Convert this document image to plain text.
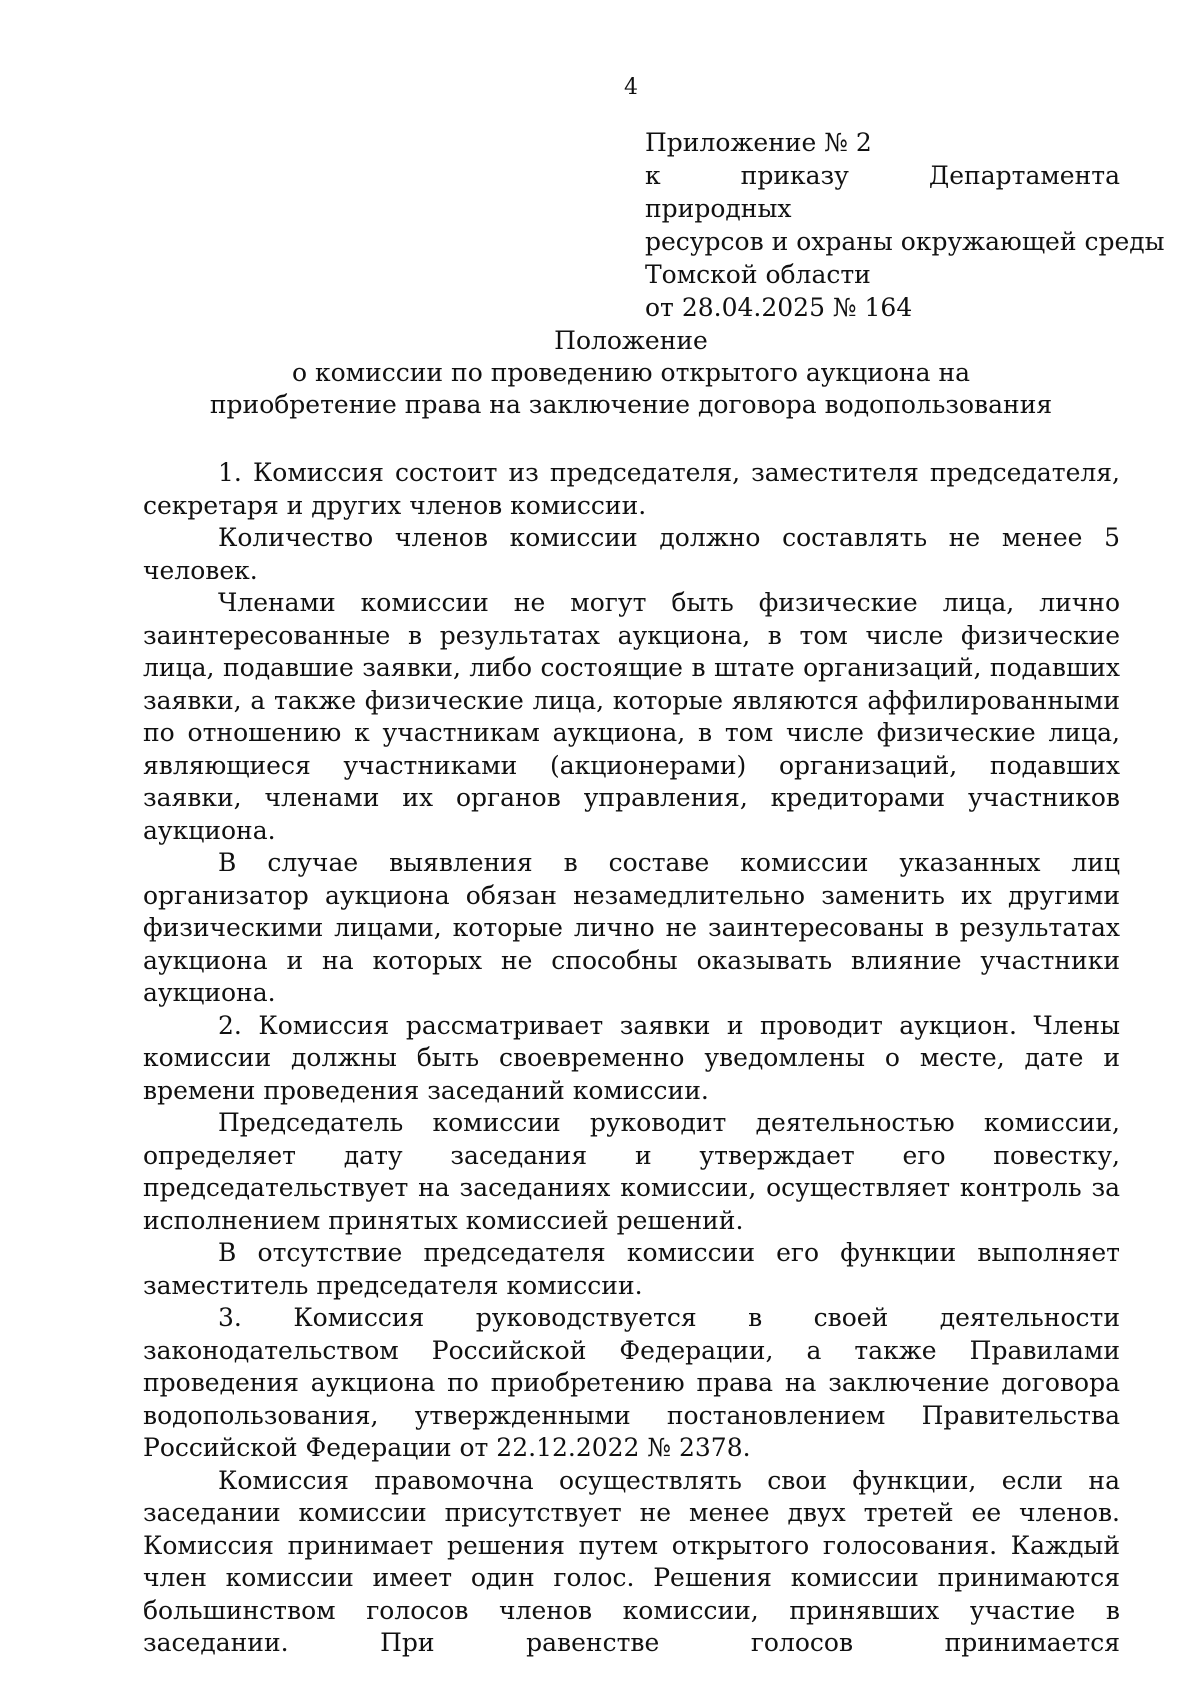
4
Приложение № 2
к приказу Департамента природных
ресурсов и охраны окружающей среды
Томской области
от 28.04.2025 № 164
Положение
о комиссии по проведению открытого аукциона на
приобретение права на заключение договора водопользования

1. Комиссия состоит из председателя, заместителя председателя, секретаря и других членов комиссии.

Количество членов комиссии должно составлять не менее 5 человек.

Членами комиссии не могут быть физические лица, лично заинтересованные в результатах аукциона, в том числе физические лица, подавшие заявки, либо состоящие в штате организаций, подавших заявки, а также физические лица, которые являются аффилированными по отношению к участникам аукциона, в том числе физические лица, являющиеся участниками (акционерами) организаций, подавших заявки, членами их органов управления, кредиторами участников аукциона.

В случае выявления в составе комиссии указанных лиц организатор аукциона обязан незамедлительно заменить их другими физическими лицами, которые лично не заинтересованы в результатах аукциона и на которых не способны оказывать влияние участники аукциона.

2. Комиссия рассматривает заявки и проводит аукцион. Члены комиссии должны быть своевременно уведомлены о месте, дате и времени проведения заседаний комиссии.

Председатель комиссии руководит деятельностью комиссии, определяет дату заседания и утверждает его повестку, председательствует на заседаниях комиссии, осуществляет контроль за исполнением принятых комиссией решений.

В отсутствие председателя комиссии его функции выполняет заместитель председателя комиссии.

3. Комиссия руководствуется в своей деятельности законодательством Российской Федерации, а также Правилами проведения аукциона по приобретению права на заключение договора водопользования, утвержденными постановлением Правительства Российской Федерации от 22.12.2022 № 2378.

Комиссия правомочна осуществлять свои функции, если на заседании комиссии присутствует не менее двух третей ее членов. Комиссия принимает решения путем открытого голосования. Каждый член комиссии имеет один голос. Решения комиссии принимаются большинством голосов членов комиссии, принявших участие в заседании. При равенстве голосов принимается
